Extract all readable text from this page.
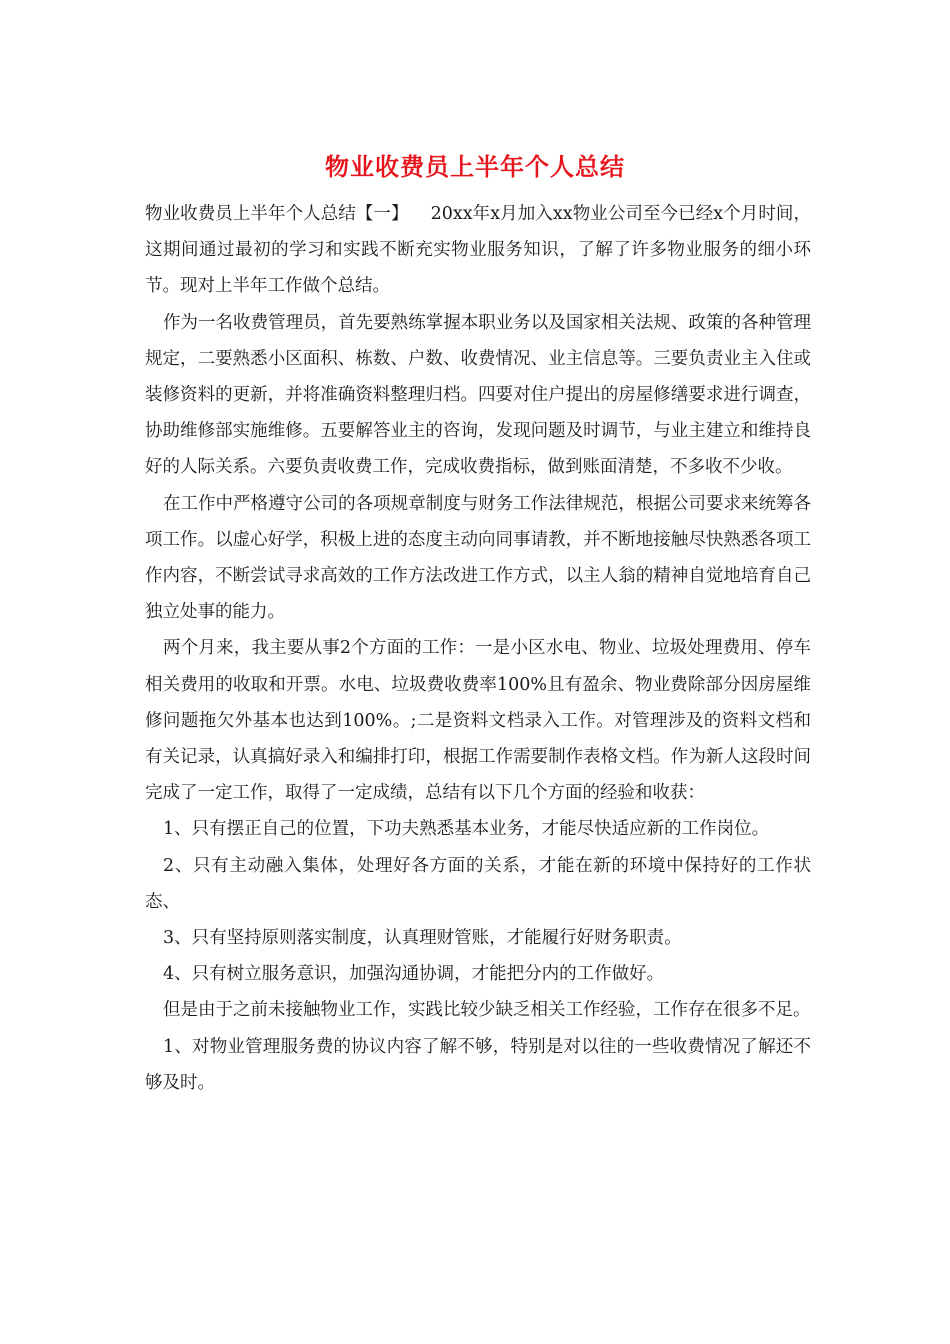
物业收费员上半年个人总结

物业收费员上半年个人总结【一】 20xx年x月加入xx物业公司至今已经x个月时间，这期间通过最初的学习和实践不断充实物业服务知识，了解了许多物业服务的细小环节。现对上半年工作做个总结。

作为一名收费管理员，首先要熟练掌握本职业务以及国家相关法规、政策的各种管理规定，二要熟悉小区面积、栋数、户数、收费情况、业主信息等。三要负责业主入住或装修资料的更新，并将准确资料整理归档。四要对住户提出的房屋修缮要求进行调查，协助维修部实施维修。五要解答业主的咨询，发现问题及时调节，与业主建立和维持良好的人际关系。六要负责收费工作，完成收费指标，做到账面清楚，不多收不少收。

在工作中严格遵守公司的各项规章制度与财务工作法律规范，根据公司要求来统筹各项工作。以虚心好学，积极上进的态度主动向同事请教，并不断地接触尽快熟悉各项工作内容，不断尝试寻求高效的工作方法改进工作方式，以主人翁的精神自觉地培育自己独立处事的能力。

两个月来，我主要从事2个方面的工作：一是小区水电、物业、垃圾处理费用、停车相关费用的收取和开票。水电、垃圾费收费率100%且有盈余、物业费除部分因房屋维修问题拖欠外基本也达到100%。;二是资料文档录入工作。对管理涉及的资料文档和有关记录，认真搞好录入和编排打印，根据工作需要制作表格文档。作为新人这段时间完成了一定工作，取得了一定成绩，总结有以下几个方面的经验和收获：

1、只有摆正自己的位置，下功夫熟悉基本业务，才能尽快适应新的工作岗位。

2、只有主动融入集体，处理好各方面的关系，才能在新的环境中保持好的工作状态、

3、只有坚持原则落实制度，认真理财管账，才能履行好财务职责。

4、只有树立服务意识，加强沟通协调，才能把分内的工作做好。

但是由于之前未接触物业工作，实践比较少缺乏相关工作经验，工作存在很多不足。

1、对物业管理服务费的协议内容了解不够，特别是对以往的一些收费情况了解还不够及时。
